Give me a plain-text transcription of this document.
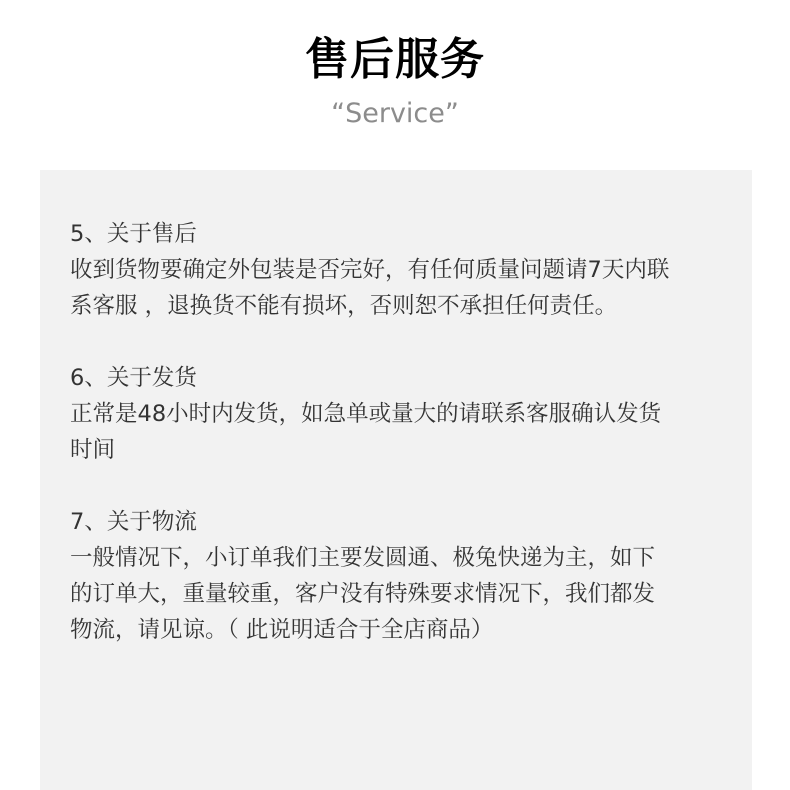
售后服务
“Service”
5、关于售后
收到货物要确定外包装是否完好，有任何质量问题请7天内联
系客服 ，退换货不能有损坏，否则恕不承担任何责任。
6、关于发货
正常是48小时内发货，如急单或量大的请联系客服确认发货
时间
7、关于物流
一般情况下，小订单我们主要发圆通、极兔快递为主，如下
的订单大，重量较重，客户没有特殊要求情况下，我们都发
物流，请见谅。（ 此说明适合于全店商品）
